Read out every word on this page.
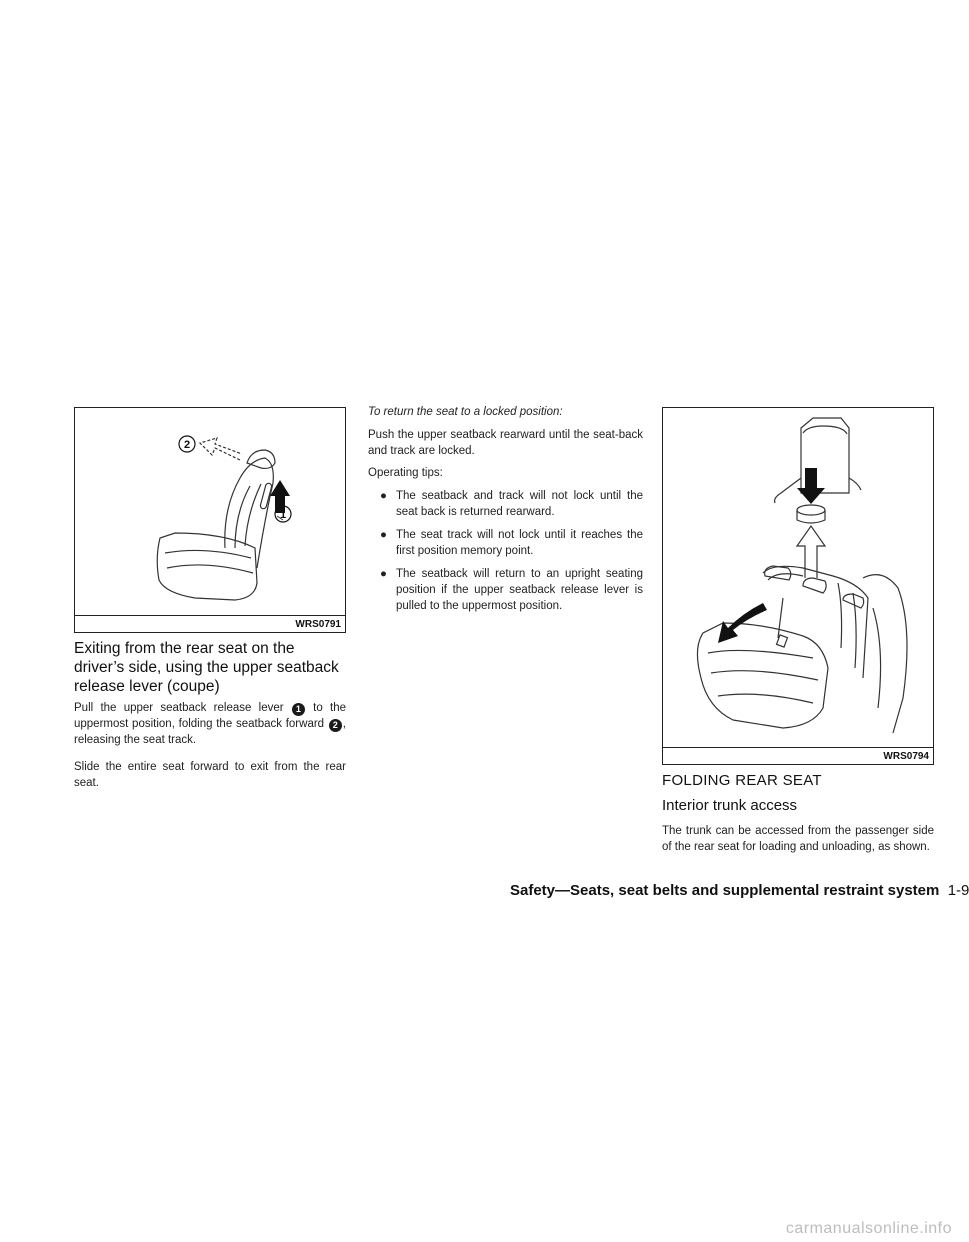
2
1
WRS0791
Exiting from the rear seat on the driver’s side, using the upper seatback release lever (coupe)
Pull the upper seatback release lever 1 to the uppermost position, folding the seatback forward 2 , releasing the seat track.
Slide the entire seat forward to exit from the rear seat.
To return the seat to a locked position:
Push the upper seatback rearward until the seat-back and track are locked.
Operating tips:
● The seatback and track will not lock until the seat back is returned rearward.
● The seat track will not lock until it reaches the first position memory point.
● The seatback will return to an upright seating position if the upper seatback release lever is pulled to the uppermost position.
WRS0794
FOLDING REAR SEAT
Interior trunk access
The trunk can be accessed from the passenger side of the rear seat for loading and unloading, as shown.
Safety—Seats, seat belts and supplemental restraint system 1-9
carmanualsonline.info
